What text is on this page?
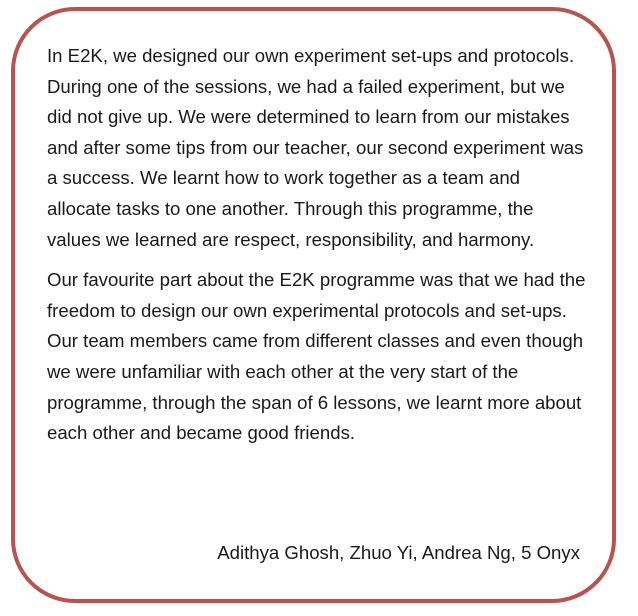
In E2K, we designed our own experiment set-ups and protocols. During one of the sessions, we had a failed experiment, but we did not give up. We were determined to learn from our mistakes and after some tips from our teacher, our second experiment was a success. We learnt how to work together as a team and allocate tasks to one another. Through this programme, the values we learned are respect, responsibility, and harmony.

Our favourite part about the E2K programme was that we had the freedom to design our own experimental protocols and set-ups. Our team members came from different classes and even though we were unfamiliar with each other at the very start of the programme, through the span of 6 lessons, we learnt more about each other and became good friends.

Adithya Ghosh, Zhuo Yi, Andrea Ng, 5 Onyx
